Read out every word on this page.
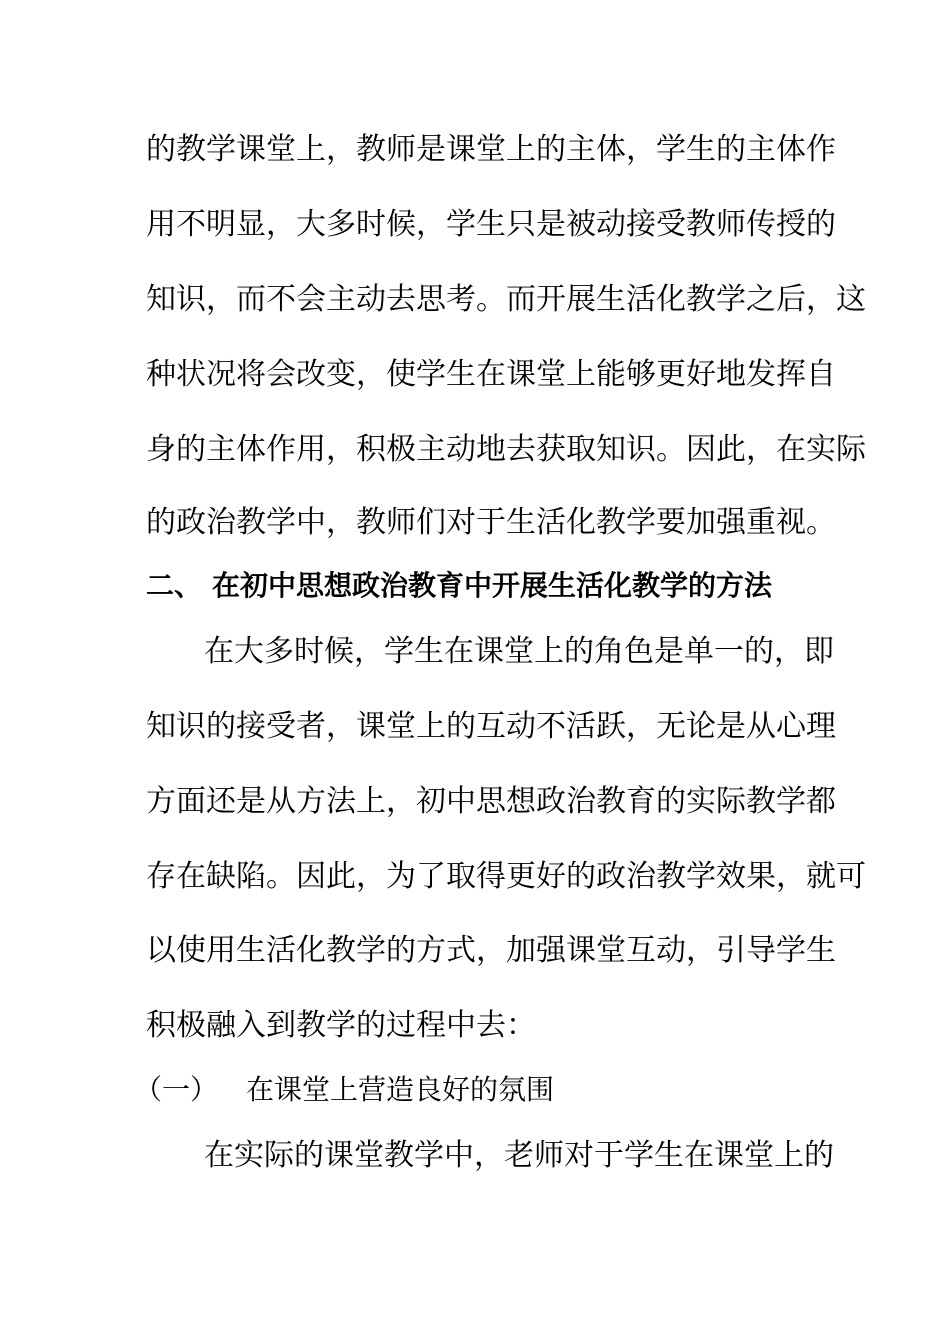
的教学课堂上，教师是课堂上的主体，学生的主体作
用不明显，大多时候，学生只是被动接受教师传授的
知识，而不会主动去思考。而开展生活化教学之后，这
种状况将会改变，使学生在课堂上能够更好地发挥自
身的主体作用，积极主动地去获取知识。因此，在实际
的政治教学中，教师们对于生活化教学要加强重视。
二、 在初中思想政治教育中开展生活化教学的方法
在大多时候，学生在课堂上的角色是单一的，即
知识的接受者，课堂上的互动不活跃，无论是从心理
方面还是从方法上，初中思想政治教育的实际教学都
存在缺陷。因此，为了取得更好的政治教学效果，就可
以使用生活化教学的方式，加强课堂互动，引导学生
积极融入到教学的过程中去：
（一） 在课堂上营造良好的氛围
在实际的课堂教学中，老师对于学生在课堂上的
